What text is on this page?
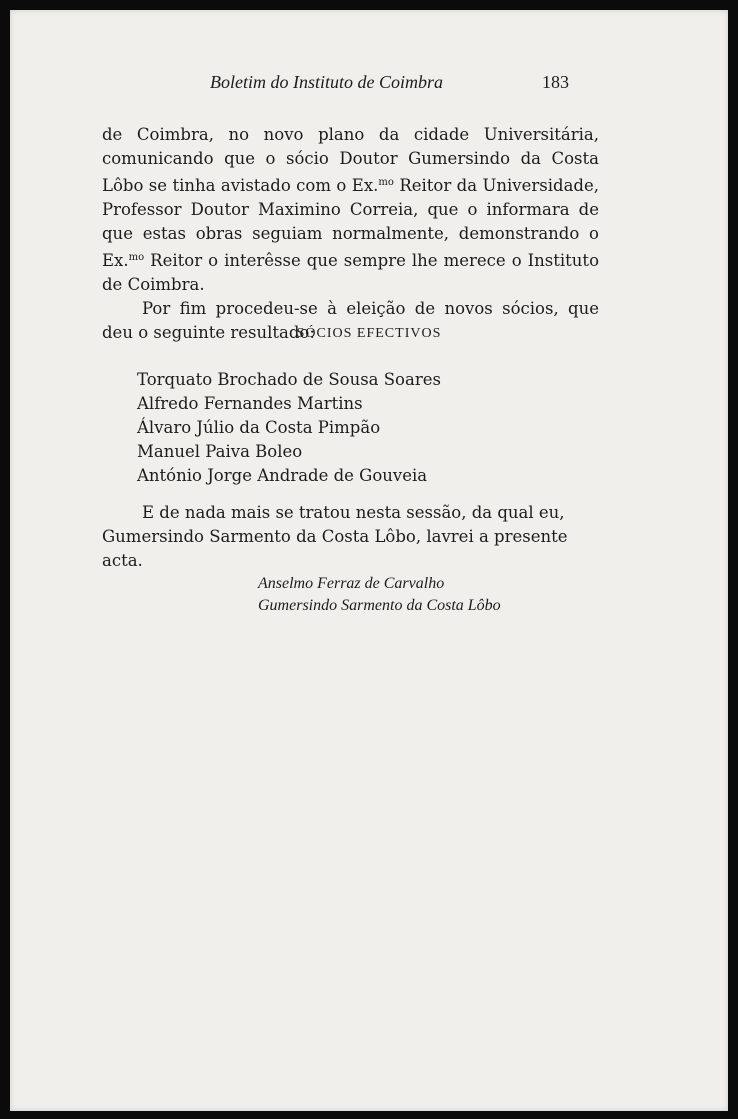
Boletim do Instituto de Coimbra	183

de Coimbra, no novo plano da cidade Universitária, comunicando que o sócio Doutor Gumersindo da Costa Lôbo se tinha avistado com o Ex.$^{mo}$ Reitor da Universidade, Professor Doutor Maximino Correia, que o informara de que estas obras seguiam normalmente, demonstrando o Ex.$^{mo}$ Reitor o interêsse que sempre lhe merece o Instituto de Coimbra.

Por fim procedeu-se à eleição de novos sócios, que deu o seguinte resultado:

SÓCIOS EFECTIVOS
Torquato Brochado de Sousa Soares
Alfredo Fernandes Martins
Álvaro Júlio da Costa Pimpão
Manuel Paiva Boleo
António Jorge Andrade de Gouveia
E de nada mais se tratou nesta sessão, da qual eu,
Gumersindo Sarmento da Costa Lôbo, lavrei a presente acta.
Anselmo Ferraz de Carvalho
Gumersindo Sarmento da Costa Lôbo
